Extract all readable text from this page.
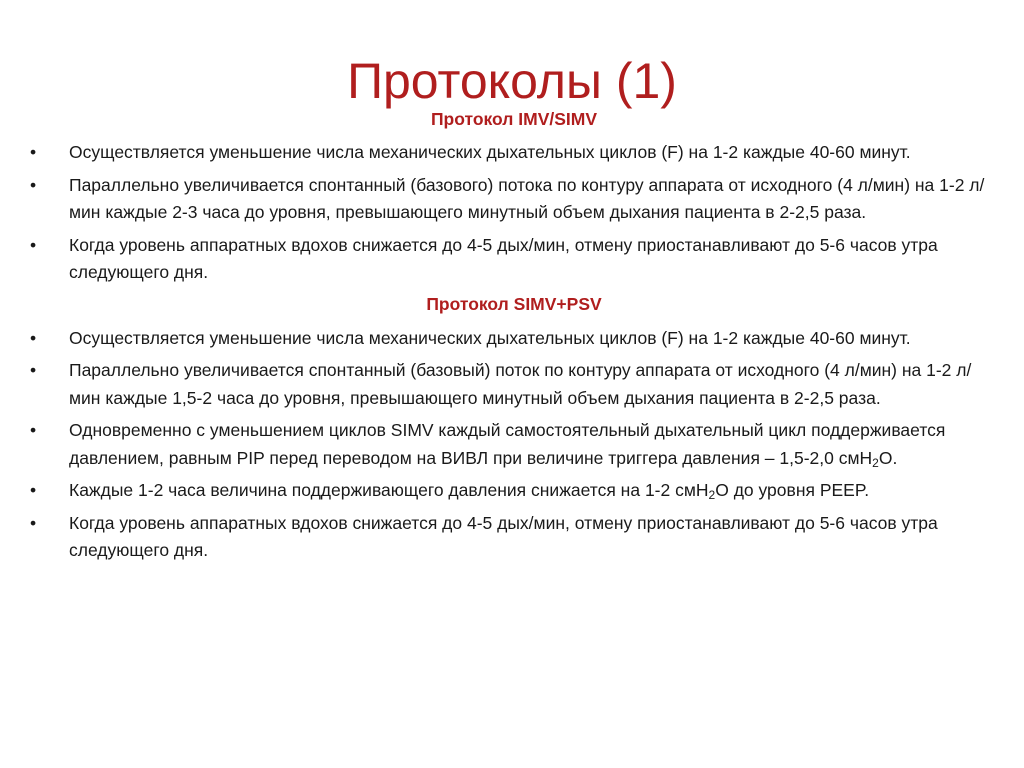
Протоколы (1)

Протокол IMV/SIMV

•	Осуществляется уменьшение числа механических дыхательных циклов (F) на 1-2 каждые 40-60 минут.
•	Параллельно увеличивается спонтанный (базового) потока по контуру аппарата от исходного (4 л/мин) на 1-2 л/мин каждые 2-3 часа до уровня, превышающего минутный объем дыхания пациента в 2-2,5 раза.
•	Когда уровень аппаратных вдохов снижается до 4-5 дых/мин, отмену приостанавливают до 5-6 часов утра следующего дня.

Протокол SIMV+PSV

•	Осуществляется уменьшение числа механических дыхательных циклов (F) на 1-2 каждые 40-60 минут.
•	Параллельно увеличивается спонтанный (базовый) поток по контуру аппарата от исходного (4 л/мин) на 1-2 л/мин каждые 1,5-2 часа до уровня, превышающего минутный объем дыхания пациента в 2-2,5 раза.
•	Одновременно с уменьшением циклов SIMV каждый самостоятельный дыхательный цикл поддерживается давлением, равным PIP перед переводом на ВИВЛ при величине триггера давления – 1,5-2,0 смН$_2$О.
•	Каждые 1-2 часа величина поддерживающего давления снижается на 1-2 смН$_2$О до уровня PEEP.
•	Когда уровень аппаратных вдохов снижается до 4-5 дых/мин, отмену приостанавливают до 5-6 часов утра следующего дня.
